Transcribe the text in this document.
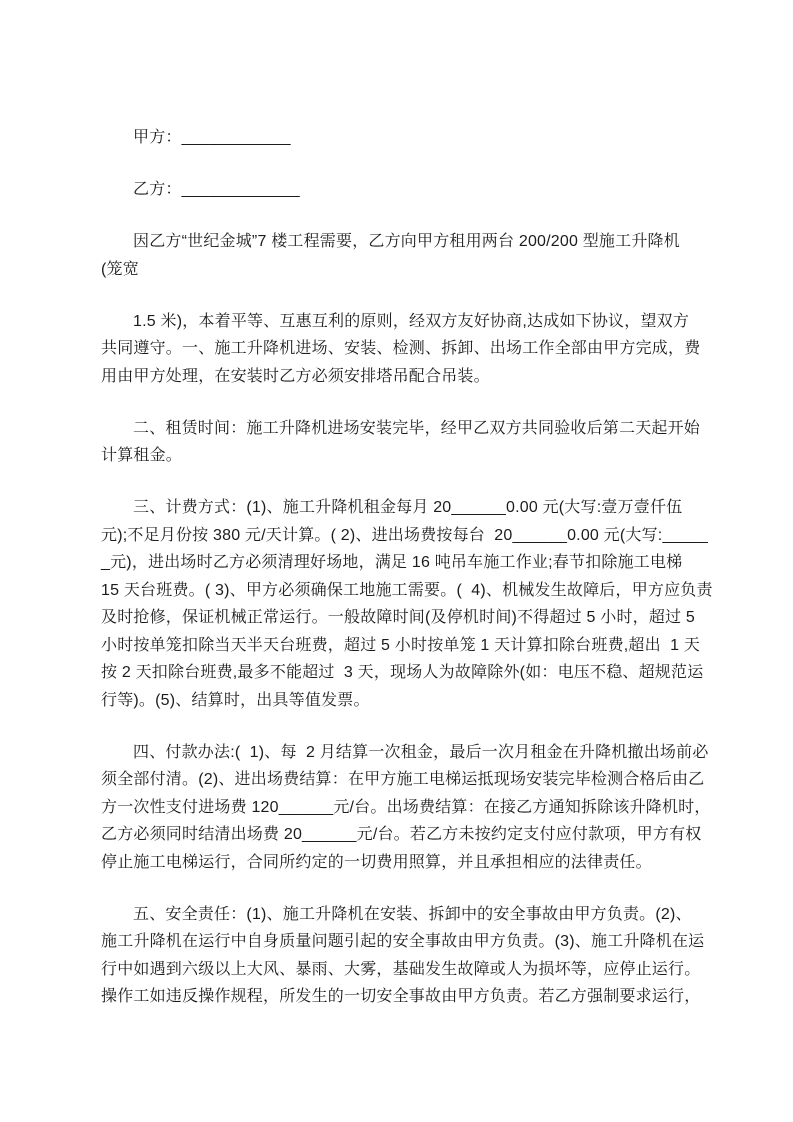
甲方：____________
乙方：_____________
因乙方“世纪金城”7 楼工程需要，乙方向甲方租用两台 200/200 型施工升降机
(笼宽
1.5 米)，本着平等、互惠互利的原则，经双方友好协商,达成如下协议，望双方
共同遵守。一、施工升降机进场、安装、检测、拆卸、出场工作全部由甲方完成，费
用由甲方处理，在安装时乙方必须安排塔吊配合吊装。
二、租赁时间：施工升降机进场安装完毕，经甲乙双方共同验收后第二天起开始
计算租金。
三、计费方式：(1)、施工升降机租金每月 20______0.00 元(大写:壹万壹仟伍
元);不足月份按 380 元/天计算。( 2)、进出场费按每台  20______0.00 元(大写:_____
_元)，进出场时乙方必须清理好场地，满足 16 吨吊车施工作业;春节扣除施工电梯
15 天台班费。( 3)、甲方必须确保工地施工需要。(  4)、机械发生故障后，甲方应负责
及时抢修，保证机械正常运行。一般故障时间(及停机时间)不得超过 5 小时，超过 5
小时按单笼扣除当天半天台班费，超过 5 小时按单笼 1 天计算扣除台班费,超出  1 天
按 2 天扣除台班费,最多不能超过  3 天，现场人为故障除外(如：电压不稳、超规范运
行等)。(5)、结算时，出具等值发票。
四、付款办法:(  1)、每  2 月结算一次租金，最后一次月租金在升降机撤出场前必
须全部付清。(2)、进出场费结算：在甲方施工电梯运抵现场安装完毕检测合格后由乙
方一次性支付进场费 120______元/台。出场费结算：在接乙方通知拆除该升降机时，
乙方必须同时结清出场费 20______元/台。若乙方未按约定支付应付款项，甲方有权
停止施工电梯运行，合同所约定的一切费用照算，并且承担相应的法律责任。
五、安全责任：(1)、施工升降机在安装、拆卸中的安全事故由甲方负责。(2)、
施工升降机在运行中自身质量问题引起的安全事故由甲方负责。(3)、施工升降机在运
行中如遇到六级以上大风、暴雨、大雾，基础发生故障或人为损坏等，应停止运行。
操作工如违反操作规程，所发生的一切安全事故由甲方负责。若乙方强制要求运行，
